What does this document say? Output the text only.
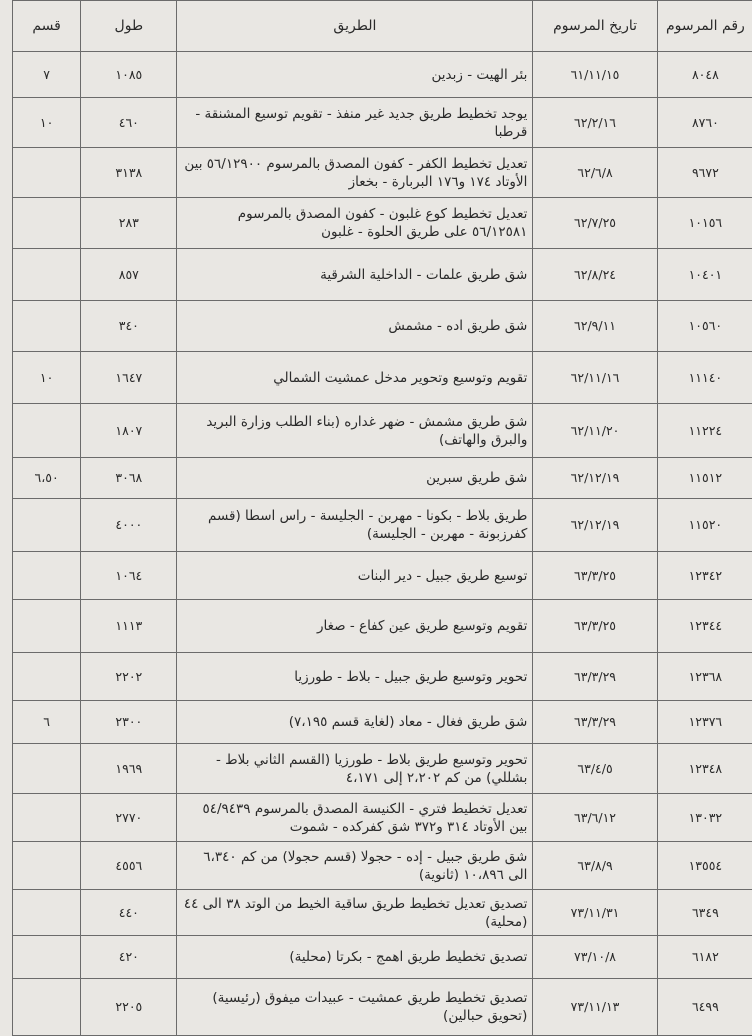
رقم المرسوم	تاريخ المرسوم	الطريق	طول	قسم
٨٠٤٨	٦١/١١/١٥	بئر الهيت - زبدين	١٠٨٥	٧
٨٧٦٠	٦٢/٢/١٦	يوجد تخطيط طريق جديد غير منفذ - تقويم توسيع المشنقة - قرطبا	٤٦٠	١٠
٩٦٧٢	٦٢/٦/٨	تعديل تخطيط الكفر - كفون المصدق بالمرسوم ٥٦/١٢٩٠٠ بين الأوتاد ١٧٤ و١٧٦ البربارة - بخعاز	٣١٣٨	
١٠١٥٦	٦٢/٧/٢٥	تعديل تخطيط كوع غلبون - كفون المصدق بالمرسوم ٥٦/١٢٥٨١ على طريق الحلوة - غلبون	٢٨٣	
١٠٤٠١	٦٢/٨/٢٤	شق طريق علمات - الداخلية الشرقية	٨٥٧	
١٠٥٦٠	٦٢/٩/١١	شق طريق اده - مشمش	٣٤٠	
١١١٤٠	٦٢/١١/١٦	تقويم وتوسيع وتحوير مدخل عمشيت الشمالي	١٦٤٧	١٠
١١٢٢٤	٦٢/١١/٢٠	شق طريق مشمش - ضهر غداره (بناء الطلب وزارة البريد والبرق والهاتف)	١٨٠٧	
١١٥١٢	٦٢/١٢/١٩	شق طريق سبرين	٣٠٦٨	٦،٥٠
١١٥٢٠	٦٢/١٢/١٩	طريق بلاط - بكونا - مهربن - الجليسة - راس اسطا (قسم كفرزبونة - مهربن - الجليسة)	٤٠٠٠	
١٢٣٤٢	٦٣/٣/٢٥	توسيع طريق جبيل - دير البنات	١٠٦٤	
١٢٣٤٤	٦٣/٣/٢٥	تقويم وتوسيع طريق عين كفاع - صغار	١١١٣	
١٢٣٦٨	٦٣/٣/٢٩	تحوير وتوسيع طريق جبيل - بلاط - طورزيا	٢٢٠٢	
١٢٣٧٦	٦٣/٣/٢٩	شق طريق فغال - معاد (لغاية قسم ٧،١٩٥)	٢٣٠٠	٦
١٢٣٤٨	٦٣/٤/٥	تحوير وتوسيع طريق بلاط - طورزيا (القسم الثاني بلاط - بشللي) من كم ٢،٢٠٢ إلى ٤،١٧١	١٩٦٩	
١٣٠٣٢	٦٣/٦/١٢	تعديل تخطيط فتري - الكنيسة المصدق بالمرسوم ٥٤/٩٤٣٩ بين الأوتاد ٣١٤ و٣٧٢ شق كفركده - شموت	٢٧٧٠	
١٣٥٥٤	٦٣/٨/٩	شق طريق جبيل - إده - حجولا (قسم حجولا) من كم ٦،٣٤٠ الى ١٠،٨٩٦ (ثانوية)	٤٥٥٦	
٦٣٤٩	٧٣/١١/٣١	تصديق تعديل تخطيط طريق ساقية الخيط من الوتد ٣٨ الى ٤٤ (محلية)	٤٤٠	
٦١٨٢	٧٣/١٠/٨	تصديق تخطيط طريق اهمج - بكرتا (محلية)	٤٢٠	
٦٤٩٩	٧٣/١١/١٣	تصديق تخطيط طريق عمشيت - عبيدات ميفوق (رئيسية) (تحويق حبالين)	٢٢٠٥	
